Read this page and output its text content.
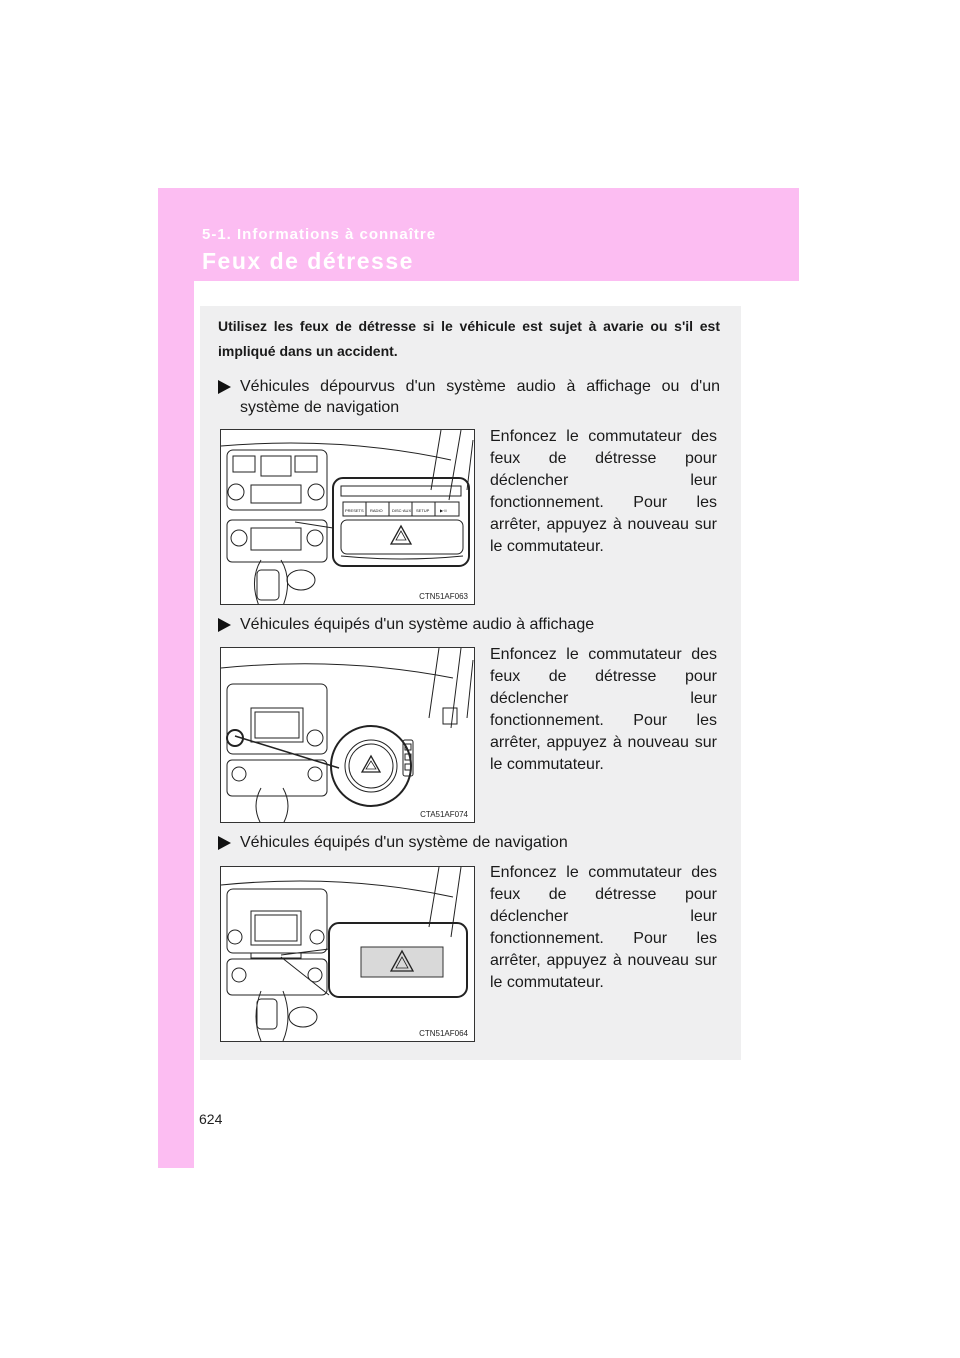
5-1. Informations à connaître
Feux de détresse
Utilisez les feux de détresse si le véhicule est sujet à avarie ou s'il est impliqué dans un accident.
Véhicules dépourvus d'un système audio à affichage ou d'un système de navigation
PRESETS RADIO DISC·AUX SETUP	▶·II
CTN51AF063
Enfoncez le commutateur des feux de détresse pour déclencher leur fonctionnement. Pour les arrêter, appuyez à nouveau sur le commutateur.
Véhicules équipés d'un système audio à affichage
CTA51AF074
Enfoncez le commutateur des feux de détresse pour déclencher leur fonctionnement. Pour les arrêter, appuyez à nouveau sur le commutateur.
Véhicules équipés d'un système de navigation
CTN51AF064
Enfoncez le commutateur des feux de détresse pour déclencher leur fonctionnement. Pour les arrêter, appuyez à nouveau sur le commutateur.
624
